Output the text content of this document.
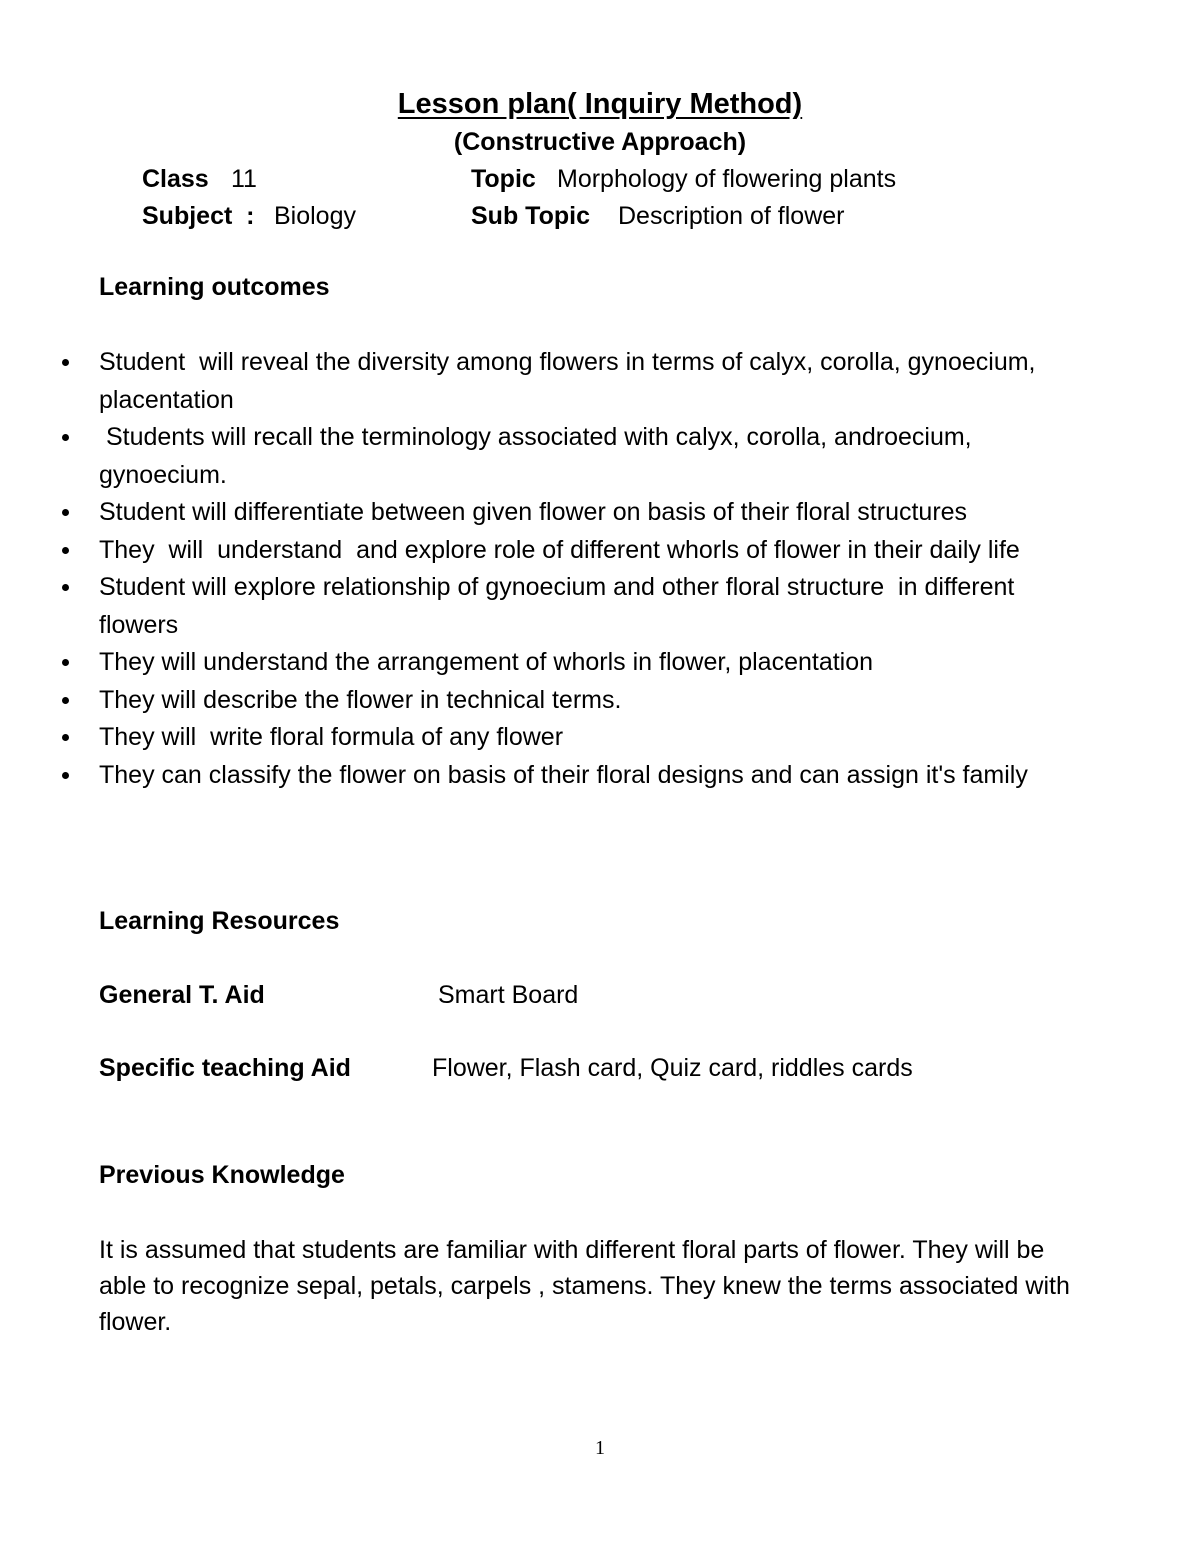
Lesson plan( Inquiry Method)
(Constructive Approach)
Class 11	Topic Morphology of flowering plants
Subject  : Biology	Sub Topic Description of flower
Learning outcomes
Student  will reveal the diversity among flowers in terms of calyx, corolla, gynoecium, placentation
Students will recall the terminology associated with calyx, corolla, androecium, gynoecium.
Student will differentiate between given flower on basis of their floral structures
They  will  understand  and explore role of different whorls of flower in their daily life
Student will explore relationship of gynoecium and other floral structure  in different flowers
They will understand the arrangement of whorls in flower, placentation
They will describe the flower in technical terms.
They will  write floral formula of any flower
They can classify the flower on basis of their floral designs and can assign it's family
Learning Resources
General T. Aid	Smart Board
Specific teaching Aid	Flower, Flash card, Quiz card, riddles cards
Previous Knowledge
It is assumed that students are familiar with different floral parts of flower. They will be able to recognize sepal, petals, carpels , stamens. They knew the terms associated with flower.
1
